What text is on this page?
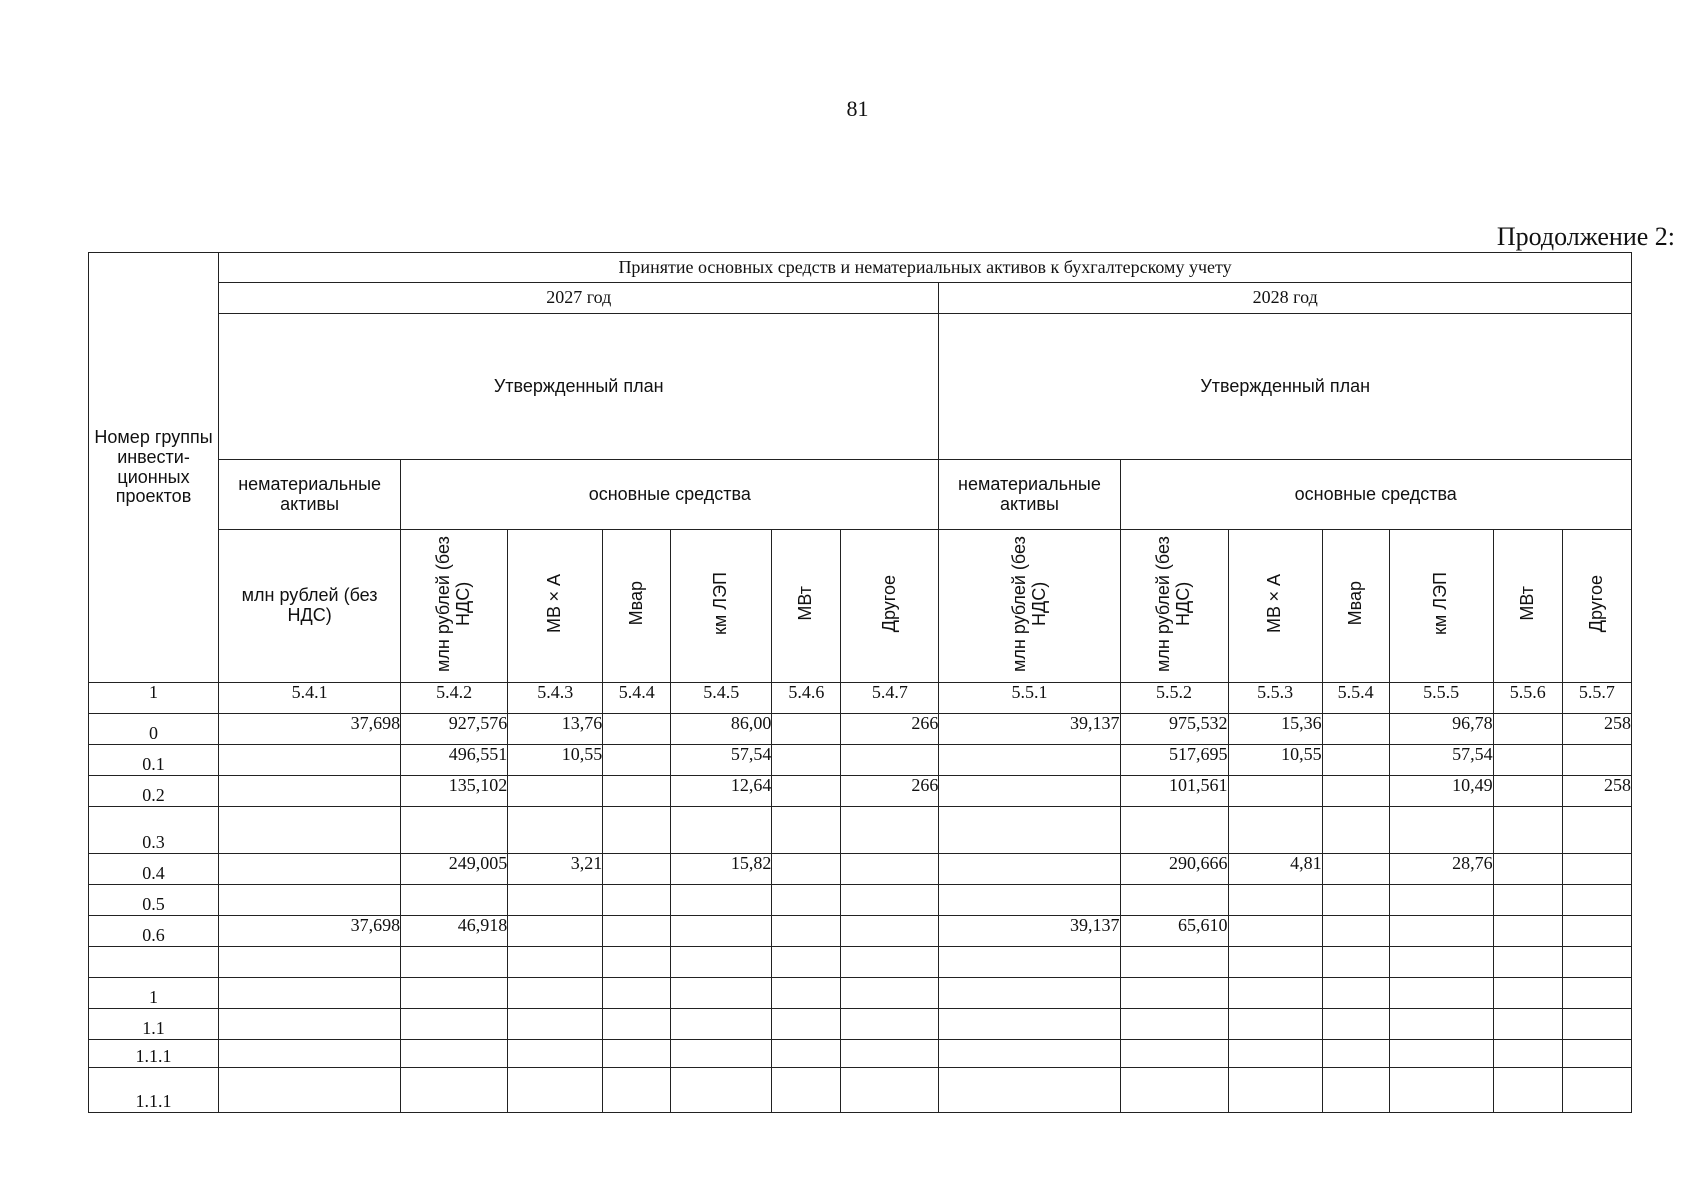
81
Продолжение 2:
Номер группы инвести-ционных проектов	Принятие основных средств и нематериальных активов к бухгалтерскому учету													
	2027 год							2028 год						
	Утвержденный план							Утвержденный план						
	нематериальные активы	основные средства						нематериальные активы	основные средства					
	млн рублей (без НДС)	млн рублей (без НДС)	МВ×А	Мвар	км ЛЭП	МВт	Другое	млн рублей (без НДС)	млн рублей (без НДС)	МВ×А	Мвар	км ЛЭП	МВт	Другое
1	5.4.1	5.4.2	5.4.3	5.4.4	5.4.5	5.4.6	5.4.7	5.5.1	5.5.2	5.5.3	5.5.4	5.5.5	5.5.6	5.5.7
0	37,698	927,576	13,76		86,00		266	39,137	975,532	15,36		96,78		258
0.1		496,551	10,55		57,54				517,695	10,55		57,54		
0.2		135,102			12,64		266		101,561			10,49		258
0.3														
0.4		249,005	3,21		15,82				290,666	4,81		28,76		
0.5														
0.6	37,698	46,918						39,137	65,610					

1														
1.1														
1.1.1														
1.1.1														
